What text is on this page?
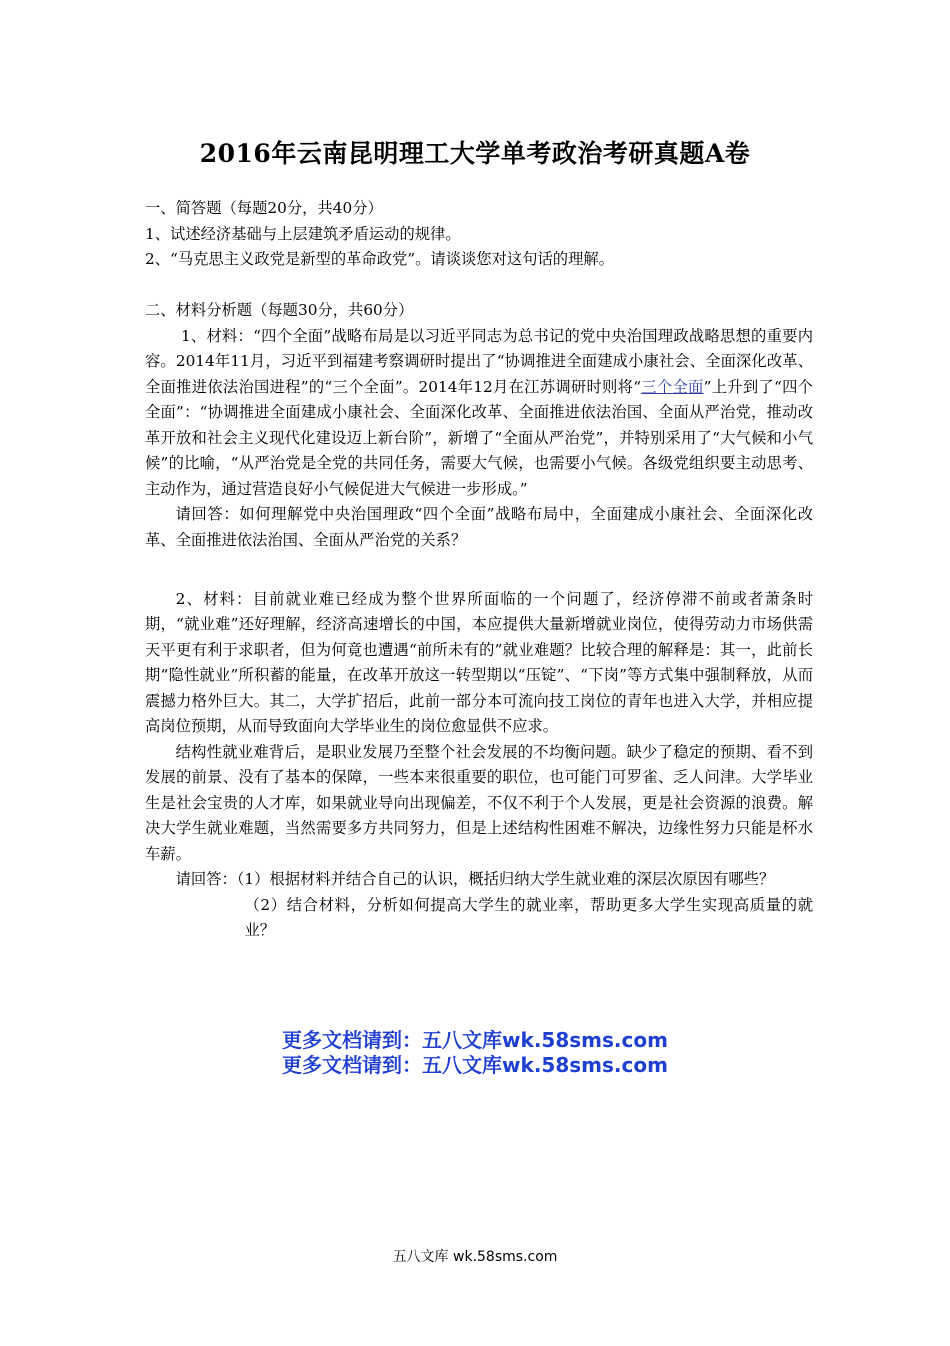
2016年云南昆明理工大学单考政治考研真题A卷

一、简答题（每题20分，共40分）

1、试述经济基础与上层建筑矛盾运动的规律。

2、“马克思主义政党是新型的革命政党”。请谈谈您对这句话的理解。

二、材料分析题（每题30分，共60分）

1、材料：“四个全面”战略布局是以习近平同志为总书记的党中央治国理政战略思想的重要内容。2014年11月，习近平到福建考察调研时提出了“协调推进全面建成小康社会、全面深化改革、全面推进依法治国进程”的“三个全面”。2014年12月在江苏调研时则将“三个全面”上升到了“四个全面”：“协调推进全面建成小康社会、全面深化改革、全面推进依法治国、全面从严治党，推动改革开放和社会主义现代化建设迈上新台阶”，新增了“全面从严治党”，并特别采用了“大气候和小气候”的比喻，“从严治党是全党的共同任务，需要大气候，也需要小气候。各级党组织要主动思考、主动作为，通过营造良好小气候促进大气候进一步形成。”

请回答：如何理解党中央治国理政“四个全面”战略布局中，全面建成小康社会、全面深化改革、全面推进依法治国、全面从严治党的关系？

2、材料：目前就业难已经成为整个世界所面临的一个问题了，经济停滞不前或者萧条时期，“就业难”还好理解，经济高速增长的中国，本应提供大量新增就业岗位，使得劳动力市场供需天平更有利于求职者，但为何竟也遭遇“前所未有的”就业难题？比较合理的解释是：其一，此前长期“隐性就业”所积蓄的能量，在改革开放这一转型期以“压锭”、“下岗”等方式集中强制释放，从而震撼力格外巨大。其二，大学扩招后，此前一部分本可流向技工岗位的青年也进入大学，并相应提高岗位预期，从而导致面向大学毕业生的岗位愈显供不应求。

结构性就业难背后，是职业发展乃至整个社会发展的不均衡问题。缺少了稳定的预期、看不到发展的前景、没有了基本的保障，一些本来很重要的职位，也可能门可罗雀、乏人问津。大学毕业生是社会宝贵的人才库，如果就业导向出现偏差，不仅不利于个人发展，更是社会资源的浪费。解决大学生就业难题，当然需要多方共同努力，但是上述结构性困难不解决，边缘性努力只能是杯水车薪。

请回答：（1）根据材料并结合自己的认识，概括归纳大学生就业难的深层次原因有哪些？

（2）结合材料，分析如何提高大学生的就业率，帮助更多大学生实现高质量的就业？

更多文档请到：五八文库wk.58sms.com
更多文档请到：五八文库wk.58sms.com
五八文库 wk.58sms.com
